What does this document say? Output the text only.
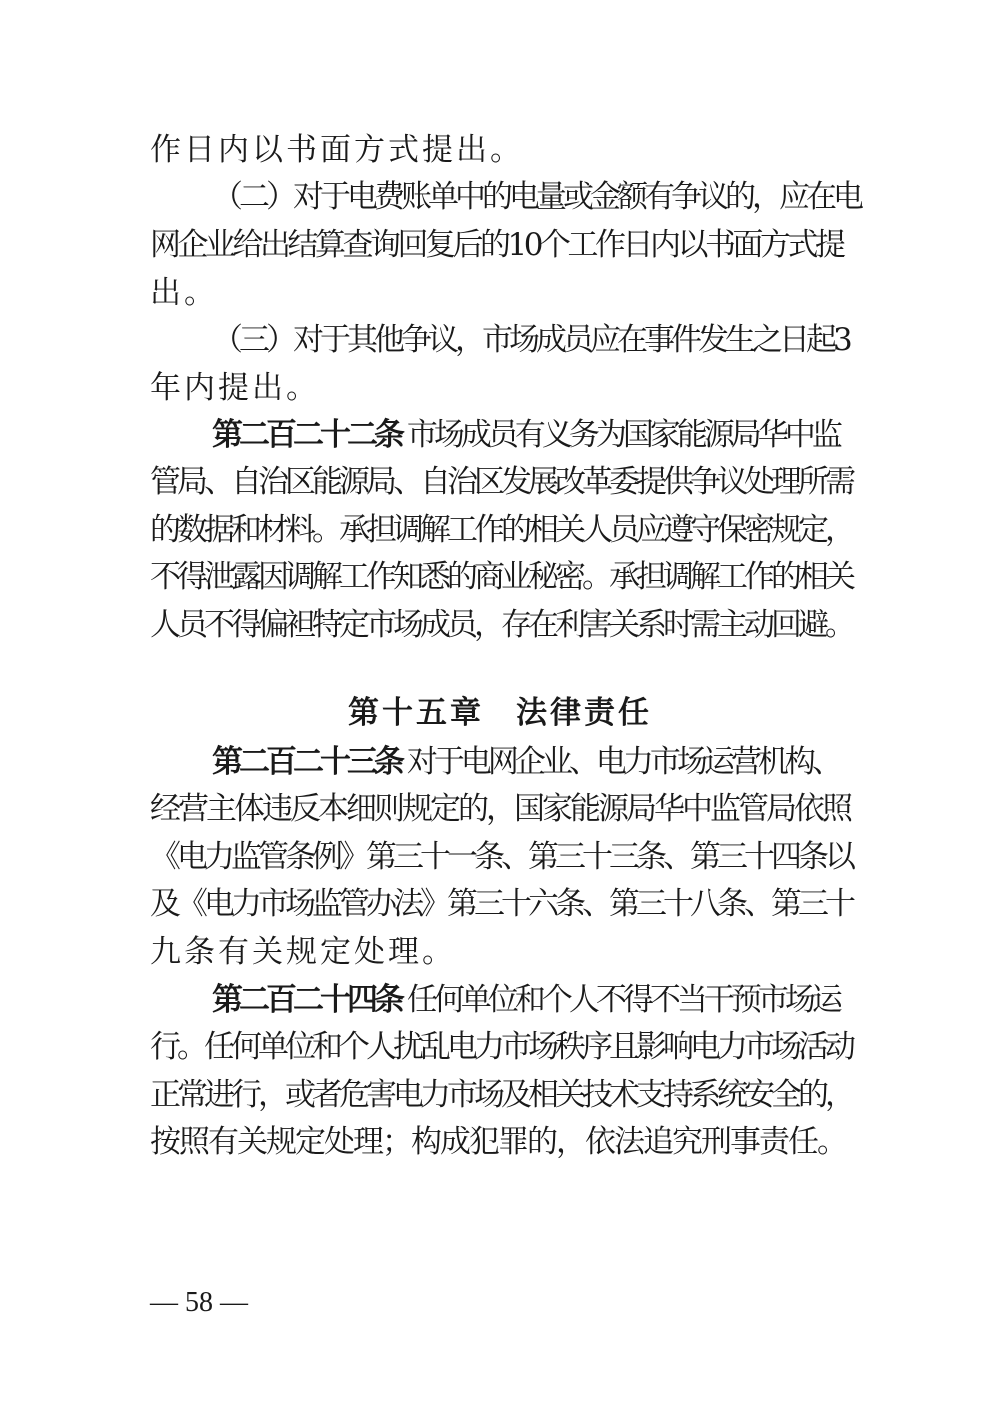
作日内以书面方式提出。
（二）对于电费账单中的电量或金额有争议的，应在电
网企业给出结算查询回复后的10个工作日内以书面方式提
出。
（三）对于其他争议，市场成员应在事件发生之日起3
年内提出。
第二百二十二条 市场成员有义务为国家能源局华中监
管局、自治区能源局、自治区发展改革委提供争议处理所需
的数据和材料。承担调解工作的相关人员应遵守保密规定，
不得泄露因调解工作知悉的商业秘密。承担调解工作的相关
人员不得偏袒特定市场成员，存在利害关系时需主动回避。
第十五章 法律责任
第二百二十三条 对于电网企业、电力市场运营机构、
经营主体违反本细则规定的，国家能源局华中监管局依照
《电力监管条例》第三十一条、第三十三条、第三十四条以
及《电力市场监管办法》第三十六条、第三十八条、第三十
九条有关规定处理。
第二百二十四条 任何单位和个人不得不当干预市场运
行。任何单位和个人扰乱电力市场秩序且影响电力市场活动
正常进行，或者危害电力市场及相关技术支持系统安全的，
按照有关规定处理；构成犯罪的，依法追究刑事责任。
— 58 —
